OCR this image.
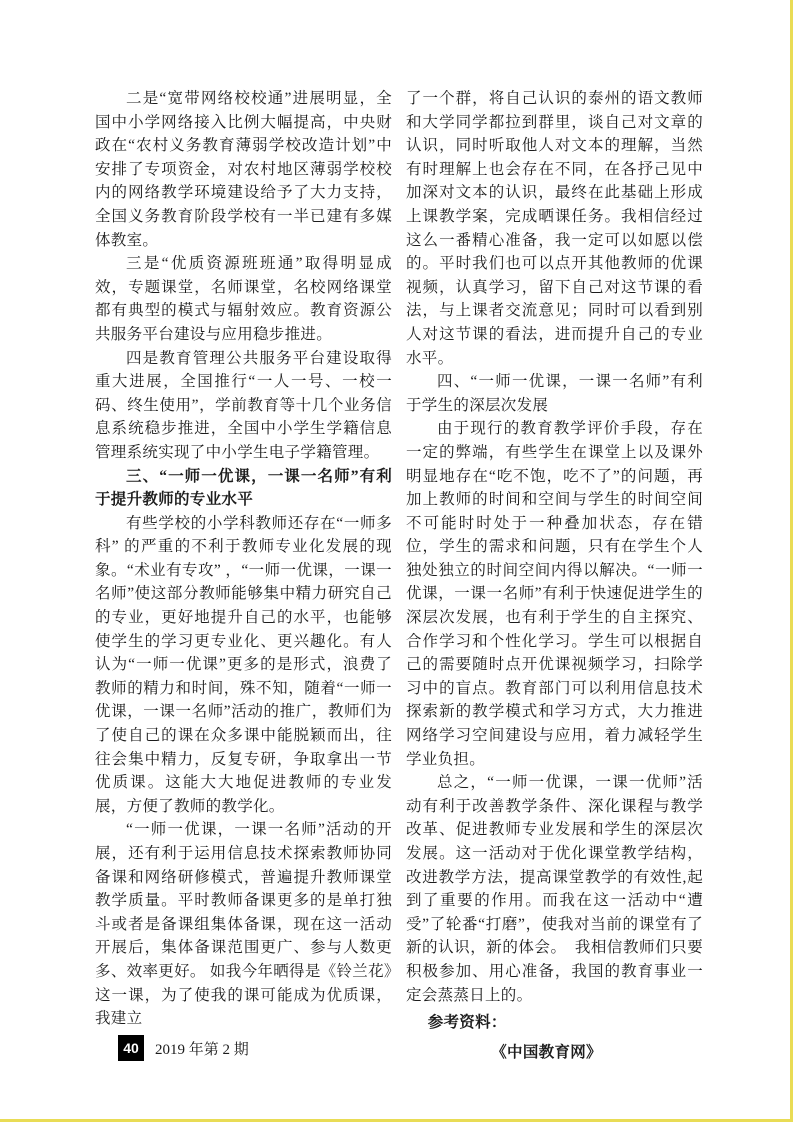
二是“宽带网络校校通”进展明显，全国中小学网络接入比例大幅提高，中央财政在“农村义务教育薄弱学校改造计划”中安排了专项资金，对农村地区薄弱学校校内的网络教学环境建设给予了大力支持，全国义务教育阶段学校有一半已建有多媒体教室。

三是“优质资源班班通”取得明显成效，专题课堂，名师课堂，名校网络课堂都有典型的模式与辐射效应。教育资源公共服务平台建设与应用稳步推进。

四是教育管理公共服务平台建设取得重大进展，全国推行“一人一号、一校一码、终生使用”，学前教育等十几个业务信息系统稳步推进，全国中小学生学籍信息管理系统实现了中小学生电子学籍管理。

三、“一师一优课，一课一名师”有利于提升教师的专业水平

有些学校的小学科教师还存在“一师多科” 的严重的不利于教师专业化发展的现象。“术业有专攻” ，“一师一优课，一课一名师”使这部分教师能够集中精力研究自己的专业，更好地提升自己的水平，也能够使学生的学习更专业化、更兴趣化。有人认为“一师一优课”更多的是形式，浪费了教师的精力和时间，殊不知，随着“一师一优课，一课一名师”活动的推广，教师们为了使自己的课在众多课中能脱颖而出，往往会集中精力，反复专研，争取拿出一节优质课。这能大大地促进教师的专业发展，方便了教师的教学化。

“一师一优课，一课一名师”活动的开展，还有利于运用信息技术探索教师协同备课和网络研修模式，普遍提升教师课堂教学质量。平时教师备课更多的是单打独斗或者是备课组集体备课，现在这一活动开展后，集体备课范围更广、参与人数更多、效率更好。 如我今年晒得是《铃兰花》这一课，为了使我的课可能成为优质课，我建立

了一个群，将自己认识的泰州的语文教师和大学同学都拉到群里，谈自己对文章的认识，同时听取他人对文本的理解，当然有时理解上也会存在不同，在各抒己见中加深对文本的认识，最终在此基础上形成上课教学案，完成晒课任务。我相信经过这么一番精心准备，我一定可以如愿以偿的。平时我们也可以点开其他教师的优课视频，认真学习，留下自己对这节课的看法，与上课者交流意见；同时可以看到别人对这节课的看法，进而提升自己的专业水平。

四、“一师一优课，一课一名师”有利于学生的深层次发展

由于现行的教育教学评价手段，存在一定的弊端，有些学生在课堂上以及课外明显地存在“吃不饱，吃不了”的问题，再加上教师的时间和空间与学生的时间空间不可能时时处于一种叠加状态，存在错位，学生的需求和问题，只有在学生个人独处独立的时间空间内得以解决。“一师一优课，一课一名师”有利于快速促进学生的深层次发展，也有利于学生的自主探究、合作学习和个性化学习。学生可以根据自己的需要随时点开优课视频学习，扫除学习中的盲点。教育部门可以利用信息技术探索新的教学模式和学习方式，大力推进网络学习空间建设与应用，着力减轻学生学业负担。

总之，“一师一优课，一课一优师”活动有利于改善教学条件、深化课程与教学改革、促进教师专业发展和学生的深层次发展。这一活动对于优化课堂教学结构，改进教学方法，提高课堂教学的有效性,起到了重要的作用。而我在这一活动中“遭受”了轮番“打磨”，使我对当前的课堂有了新的认识，新的体会。　我相信教师们只要积极参加、用心准备，我国的教育事业一定会蒸蒸日上的。

参考资料：

《中国教育网》

40	2019 年第 2 期
